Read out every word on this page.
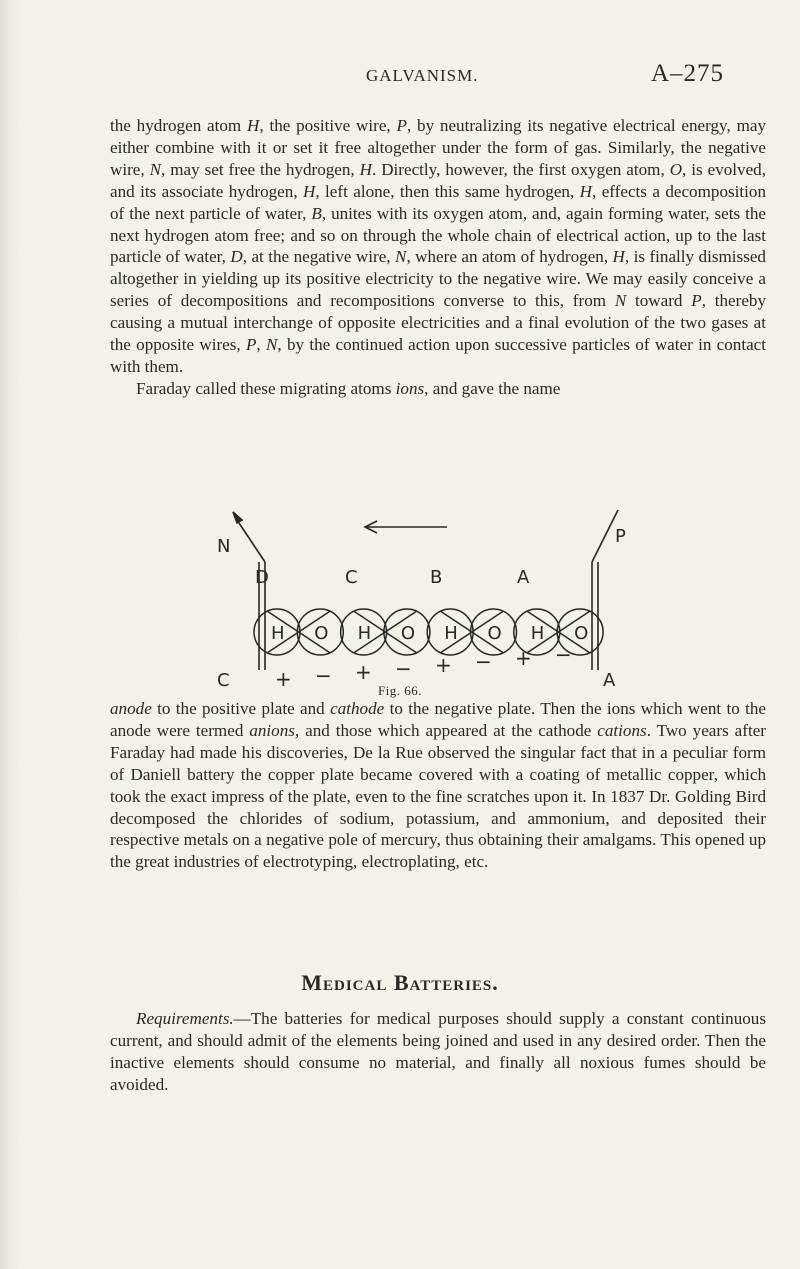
GALVANISM.	A–275

the hydrogen atom H, the positive wire, P, by neutralizing its negative electrical energy, may either combine with it or set it free altogether under the form of gas. Similarly, the negative wire, N, may set free the hydrogen, H. Directly, however, the first oxygen atom, O, is evolved, and its associate hydrogen, H, left alone, then this same hydrogen, H, effects a decomposition of the next particle of water, B, unites with its oxygen atom, and, again forming water, sets the next hydrogen atom free; and so on through the whole chain of electrical action, up to the last particle of water, D, at the negative wire, N, where an atom of hydrogen, H, is finally dismissed altogether in yielding up its positive electricity to the negative wire. We may easily conceive a series of decompositions and recompositions converse to this, from N toward P, thereby causing a mutual interchange of opposite electricities and a final evolution of the two gases at the opposite wires, P, N, by the continued action upon successive particles of water in contact with them.
Faraday called these migrating atoms ions, and gave the name

N	P
C	A
D	C	B	A
H O H O H O H O
+ − + − + − + −
Fig. 66.

anode to the positive plate and cathode to the negative plate. Then the ions which went to the anode were termed anions, and those which appeared at the cathode cations. Two years after Faraday had made his discoveries, De la Rue observed the singular fact that in a peculiar form of Daniell battery the copper plate became covered with a coating of metallic copper, which took the exact impress of the plate, even to the fine scratches upon it. In 1837 Dr. Golding Bird decomposed the chlorides of sodium, potassium, and ammonium, and deposited their respective metals on a negative pole of mercury, thus obtaining their amalgams. This opened up the great industries of electrotyping, electroplating, etc.

Medical Batteries.

Requirements.—The batteries for medical purposes should supply a constant continuous current, and should admit of the elements being joined and used in any desired order. Then the inactive elements should consume no material, and finally all noxious fumes should be avoided.
